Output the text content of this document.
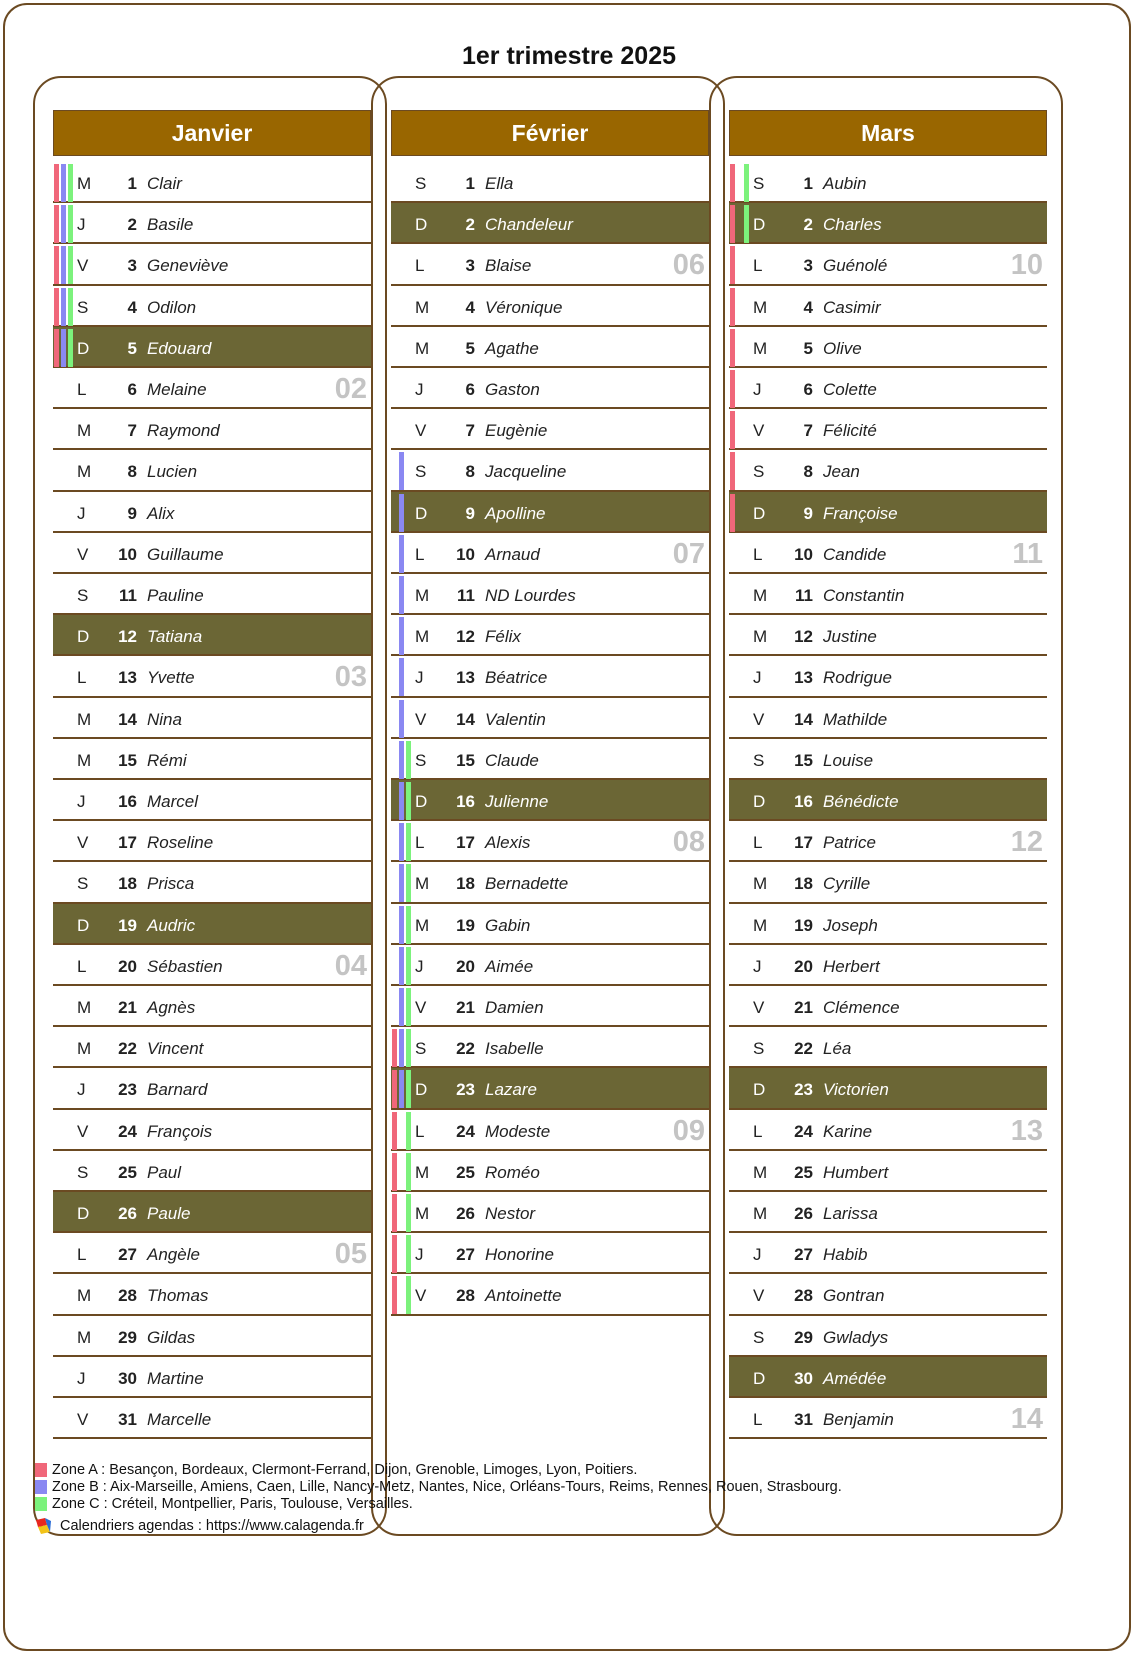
1er trimestre 2025
Janvier
M	1 Clair
J	2 Basile
V	3 Geneviève
S	4 Odilon
D	5 Edouard
L	6 Melaine	02
M	7 Raymond
M	8 Lucien
J	9 Alix
V	10 Guillaume
S	11 Pauline
D	12 Tatiana
L	13 Yvette	03
M	14 Nina
M	15 Rémi
J	16 Marcel
V	17 Roseline
S	18 Prisca
D	19 Audric
L	20 Sébastien	04
M	21 Agnès
M	22 Vincent
J	23 Barnard
V	24 François
S	25 Paul
D	26 Paule
L	27 Angèle	05
M	28 Thomas
M	29 Gildas
J	30 Martine
V	31 Marcelle
Février
S	1 Ella
D	2 Chandeleur
L	3 Blaise	06
M	4 Véronique
M	5 Agathe
J	6 Gaston
V	7 Eugènie
S	8 Jacqueline
D	9 Apolline
L	10 Arnaud	07
M	11 ND Lourdes
M	12 Félix
J	13 Béatrice
V	14 Valentin
S	15 Claude
D	16 Julienne
L	17 Alexis	08
M	18 Bernadette
M	19 Gabin
J	20 Aimée
V	21 Damien
S	22 Isabelle
D	23 Lazare
L	24 Modeste	09
M	25 Roméo
M	26 Nestor
J	27 Honorine
V	28 Antoinette
Mars
S	1 Aubin
D	2 Charles
L	3 Guénolé	10
M	4 Casimir
M	5 Olive
J	6 Colette
V	7 Félicité
S	8 Jean
D	9 Françoise
L	10 Candide	11
M	11 Constantin
M	12 Justine
J	13 Rodrigue
V	14 Mathilde
S	15 Louise
D	16 Bénédicte
L	17 Patrice	12
M	18 Cyrille
M	19 Joseph
J	20 Herbert
V	21 Clémence
S	22 Léa
D	23 Victorien
L	24 Karine	13
M	25 Humbert
M	26 Larissa
J	27 Habib
V	28 Gontran
S	29 Gwladys
D	30 Amédée
L	31 Benjamin	14
Zone A : Besançon, Bordeaux, Clermont-Ferrand, Dijon, Grenoble, Limoges, Lyon, Poitiers.
Zone B : Aix-Marseille, Amiens, Caen, Lille, Nancy-Metz, Nantes, Nice, Orléans-Tours, Reims, Rennes, Rouen, Strasbourg.
Zone C : Créteil, Montpellier, Paris, Toulouse, Versailles.
Calendriers agendas : https://www.calagenda.fr
